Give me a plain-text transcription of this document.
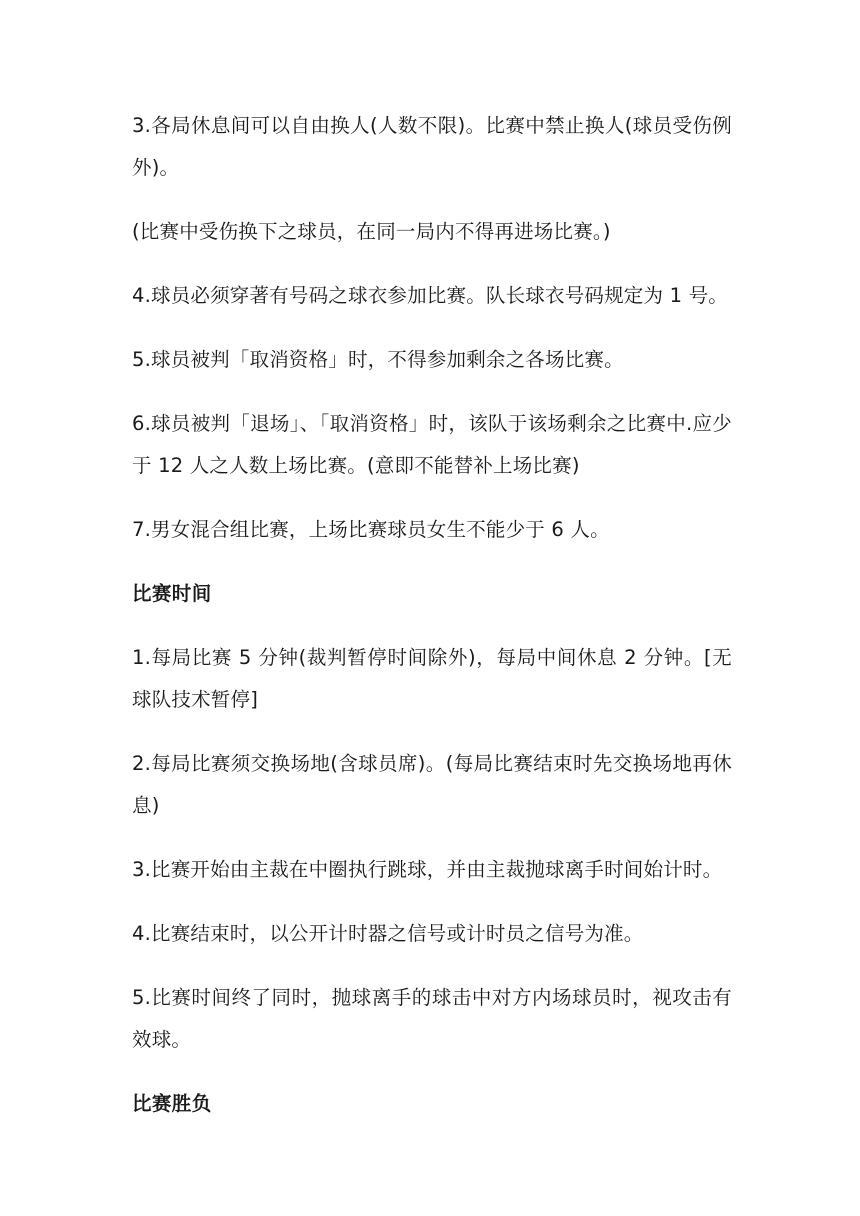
3.各局休息间可以自由换人(人数不限)。比赛中禁止换人(球员受伤例外)。

(比赛中受伤换下之球员，在同一局内不得再进场比赛。)

4.球员必须穿著有号码之球衣参加比赛。队长球衣号码规定为 1 号。

5.球员被判「取消资格」时，不得参加剩余之各场比赛。

6.球员被判「退场」、「取消资格」时，该队于该场剩余之比赛中.应少于 12 人之人数上场比赛。(意即不能替补上场比赛)

7.男女混合组比赛，上场比赛球员女生不能少于 6 人。

比赛时间

1.每局比赛 5 分钟(裁判暂停时间除外)，每局中间休息 2 分钟。[无球队技术暂停]

2.每局比赛须交换场地(含球员席)。(每局比赛结束时先交换场地再休息)

3.比赛开始由主裁在中圈执行跳球，并由主裁抛球离手时间始计时。

4.比赛结束时，以公开计时器之信号或计时员之信号为准。

5.比赛时间终了同时，抛球离手的球击中对方内场球员时，视攻击有效球。

比赛胜负
